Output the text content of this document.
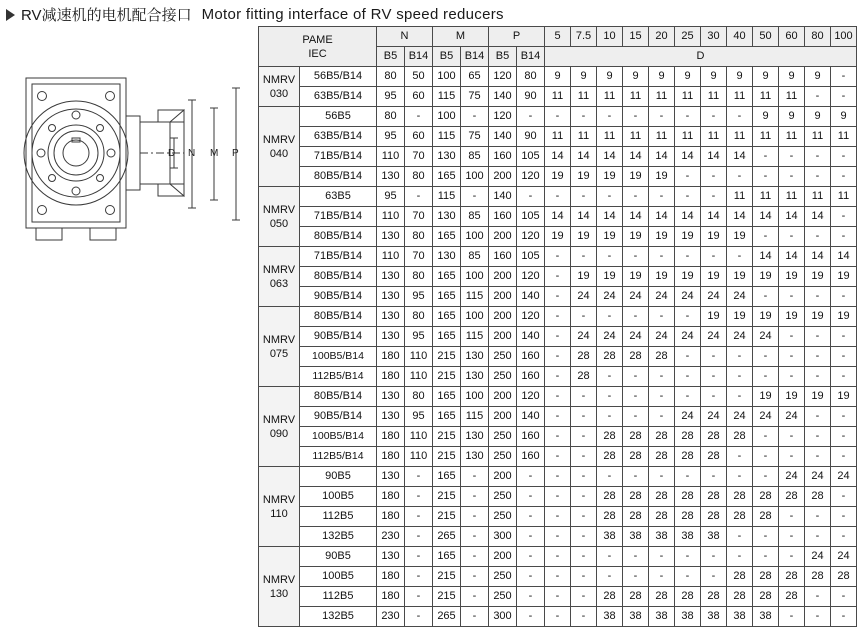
RV减速机的电机配合接口 Motor fitting interface of RV speed reducers
D N M P
PAME
IEC		N		M		P		5	7.5	10	15	20	25	30	40	50	60	80	100
		B5	B14	B5	B14	B5	B14	D											

NMRV
030	56B5/B14	80	50	100	65	120	80	9	9	9	9	9	9	9	9	9	9	9	-
	63B5/B14	95	60	115	75	140	90	11	11	11	11	11	11	11	11	11	11	-	-

NMRV
040	56B5	80	-	100	-	120	-	-	-	-	-	-	-	-	-	9	9	9	9
	63B5/B14	95	60	115	75	140	90	11	11	11	11	11	11	11	11	11	11	11	11
	71B5/B14	110	70	130	85	160	105	14	14	14	14	14	14	14	14	-	-	-	-
	80B5/B14	130	80	165	100	200	120	19	19	19	19	19	-	-	-	-	-	-	-

NMRV
050	63B5	95	-	115	-	140	-	-	-	-	-	-	-	-	11	11	11	11	11
	71B5/B14	110	70	130	85	160	105	14	14	14	14	14	14	14	14	14	14	14	-
	80B5/B14	130	80	165	100	200	120	19	19	19	19	19	19	19	19	-	-	-	-

NMRV
063	71B5/B14	110	70	130	85	160	105	-	-	-	-	-	-	-	-	14	14	14	14
	80B5/B14	130	80	165	100	200	120	-	19	19	19	19	19	19	19	19	19	19	19
	90B5/B14	130	95	165	115	200	140	-	24	24	24	24	24	24	24	-	-	-	-

NMRV
075	80B5/B14	130	80	165	100	200	120	-	-	-	-	-	-	19	19	19	19	19	19
	90B5/B14	130	95	165	115	200	140	-	24	24	24	24	24	24	24	24	-	-	-
	100B5/B14	180	110	215	130	250	160	-	28	28	28	28	-	-	-	-	-	-	-
	112B5/B14	180	110	215	130	250	160	-	28	-	-	-	-	-	-	-	-	-	-

NMRV
090	80B5/B14	130	80	165	100	200	120	-	-	-	-	-	-	-	-	19	19	19	19
	90B5/B14	130	95	165	115	200	140	-	-	-	-	-	24	24	24	24	24	-	-
	100B5/B14	180	110	215	130	250	160	-	-	28	28	28	28	28	28	-	-	-	-
	112B5/B14	180	110	215	130	250	160	-	-	28	28	28	28	28	-	-	-	-	-

NMRV
110	90B5	130	-	165	-	200	-	-	-	-	-	-	-	-	-	-	24	24	24
	100B5	180	-	215	-	250	-	-	-	28	28	28	28	28	28	28	28	28	-
	112B5	180	-	215	-	250	-	-	-	28	28	28	28	28	28	28	-	-	-
	132B5	230	-	265	-	300	-	-	-	38	38	38	38	38	-	-	-	-	-

NMRV
130	90B5	130	-	165	-	200	-	-	-	-	-	-	-	-	-	-	-	24	24
	100B5	180	-	215	-	250	-	-	-	-	-	-	-	-	28	28	28	28	28
	112B5	180	-	215	-	250	-	-	-	28	28	28	28	28	28	28	28	-	-
	132B5	230	-	265	-	300	-	-	-	38	38	38	38	38	38	38	-	-	-
